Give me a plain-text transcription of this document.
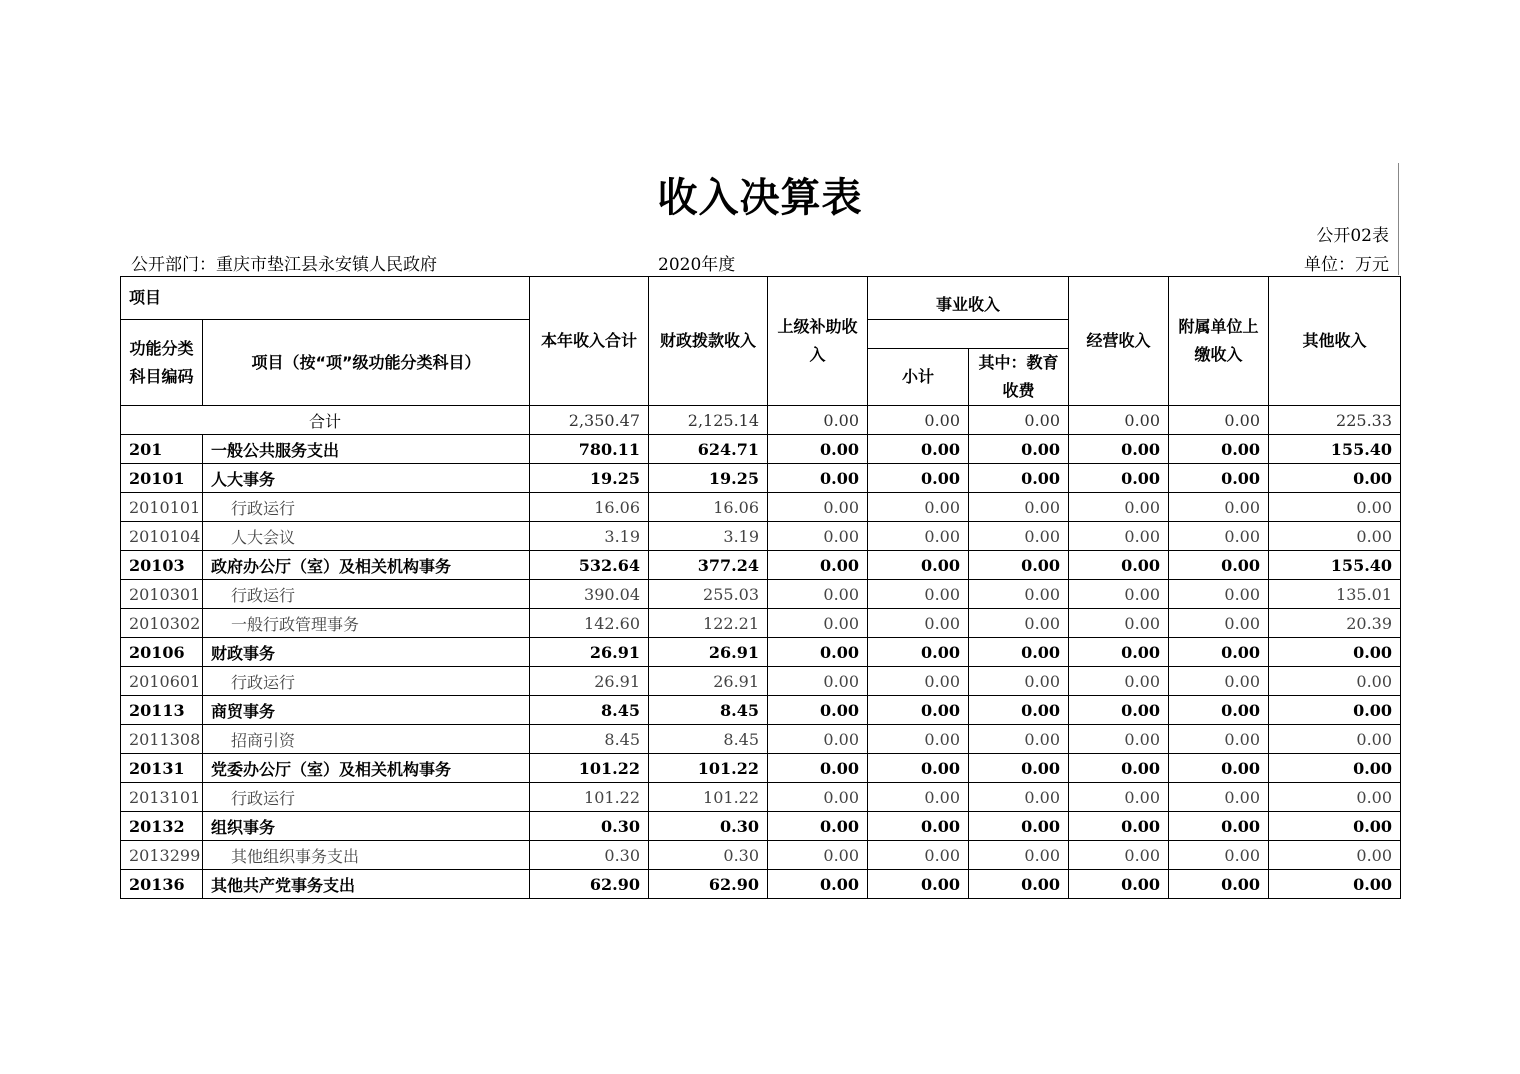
收入决算表
公开02表
公开部门：重庆市垫江县永安镇人民政府	2020年度	单位：万元
项目		本年收入合计	财政拨款收入	上级补助收入	事业收入		经营收入	附属单位上缴收入	其他收入
功能分类科目编码	项目（按“项”级功能分类科目）								
					小计	其中：教育收费			
合计		2,350.47	2,125.14	0.00	0.00	0.00	0.00	0.00	225.33
201	一般公共服务支出	780.11	624.71	0.00	0.00	0.00	0.00	0.00	155.40
20101	人大事务	19.25	19.25	0.00	0.00	0.00	0.00	0.00	0.00
2010101	行政运行	16.06	16.06	0.00	0.00	0.00	0.00	0.00	0.00
2010104	人大会议	3.19	3.19	0.00	0.00	0.00	0.00	0.00	0.00
20103	政府办公厅（室）及相关机构事务	532.64	377.24	0.00	0.00	0.00	0.00	0.00	155.40
2010301	行政运行	390.04	255.03	0.00	0.00	0.00	0.00	0.00	135.01
2010302	一般行政管理事务	142.60	122.21	0.00	0.00	0.00	0.00	0.00	20.39
20106	财政事务	26.91	26.91	0.00	0.00	0.00	0.00	0.00	0.00
2010601	行政运行	26.91	26.91	0.00	0.00	0.00	0.00	0.00	0.00
20113	商贸事务	8.45	8.45	0.00	0.00	0.00	0.00	0.00	0.00
2011308	招商引资	8.45	8.45	0.00	0.00	0.00	0.00	0.00	0.00
20131	党委办公厅（室）及相关机构事务	101.22	101.22	0.00	0.00	0.00	0.00	0.00	0.00
2013101	行政运行	101.22	101.22	0.00	0.00	0.00	0.00	0.00	0.00
20132	组织事务	0.30	0.30	0.00	0.00	0.00	0.00	0.00	0.00
2013299	其他组织事务支出	0.30	0.30	0.00	0.00	0.00	0.00	0.00	0.00
20136	其他共产党事务支出	62.90	62.90	0.00	0.00	0.00	0.00	0.00	0.00
